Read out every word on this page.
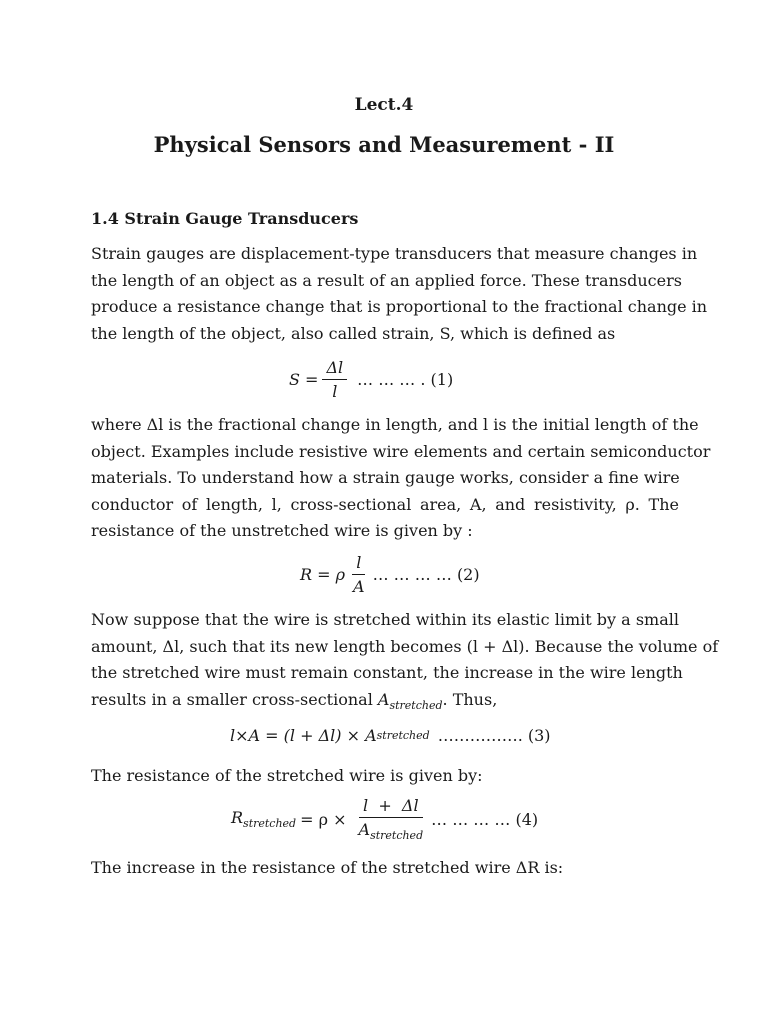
Lect.4
Physical Sensors and Measurement - II
1.4 Strain Gauge Transducers
Strain gauges are displacement-type transducers that measure changes in
the length of an object as a result of an applied force. These transducers
produce a resistance change that is proportional to the fractional change in
the length of the object, also called strain, S, which is defined as
$S = \frac{\Delta l}{l}$ … … … . (1)
where Δl is the fractional change in length, and l is the initial length of the
object. Examples include resistive wire elements and certain semiconductor
materials. To understand how a strain gauge works, consider a fine wire
conductor of length, l, cross-sectional area, A, and resistivity, ρ. The
resistance of the unstretched wire is given by :
R = ρ $\frac{l}{A}$ … … … … (2)
Now suppose that the wire is stretched within its elastic limit by a small
amount, Δl, such that its new length becomes (l + Δl). Because the volume of
the stretched wire must remain constant, the increase in the wire length
results in a smaller cross-sectional $A_{stretched}$. Thus,
l×A = (l + Δl) × A stretched ……………. (3)
The resistance of the stretched wire is given by:
$R_{stretched} = \rho \times \frac{l + \Delta l}{A_{stretched}}$ … … … … (4)
The increase in the resistance of the stretched wire ΔR is:
